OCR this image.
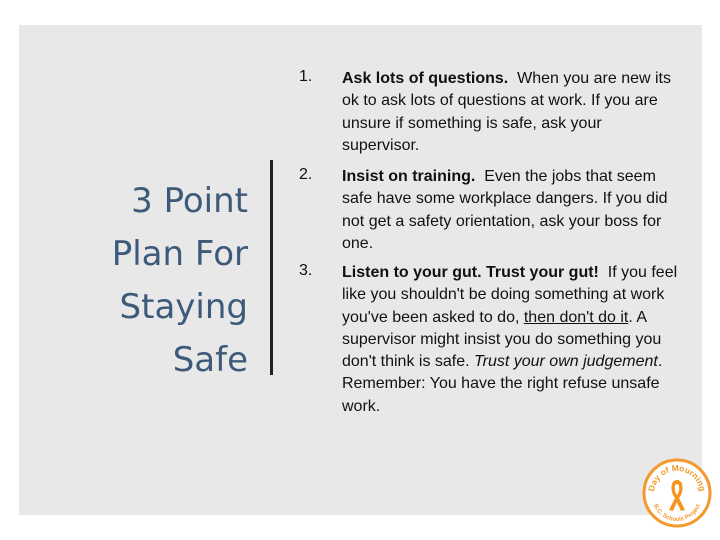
3 Point
Plan For
Staying
Safe
1.
2.
3.
Ask lots of questions. When you are new its ok to ask lots of questions at work. If you are unsure if something is safe, ask your supervisor.
Insist on training. Even the jobs that seem safe have some workplace dangers. If you did not get a safety orientation, ask your boss for one.
Listen to your gut. Trust your gut! If you feel like you shouldn't be doing something at work you've been asked to do, then don't do it. A supervisor might insist you do something you don't think is safe. Trust your own judgement. Remember: You have the right refuse unsafe work.
Day of Mourning
B.C. Schools Project
